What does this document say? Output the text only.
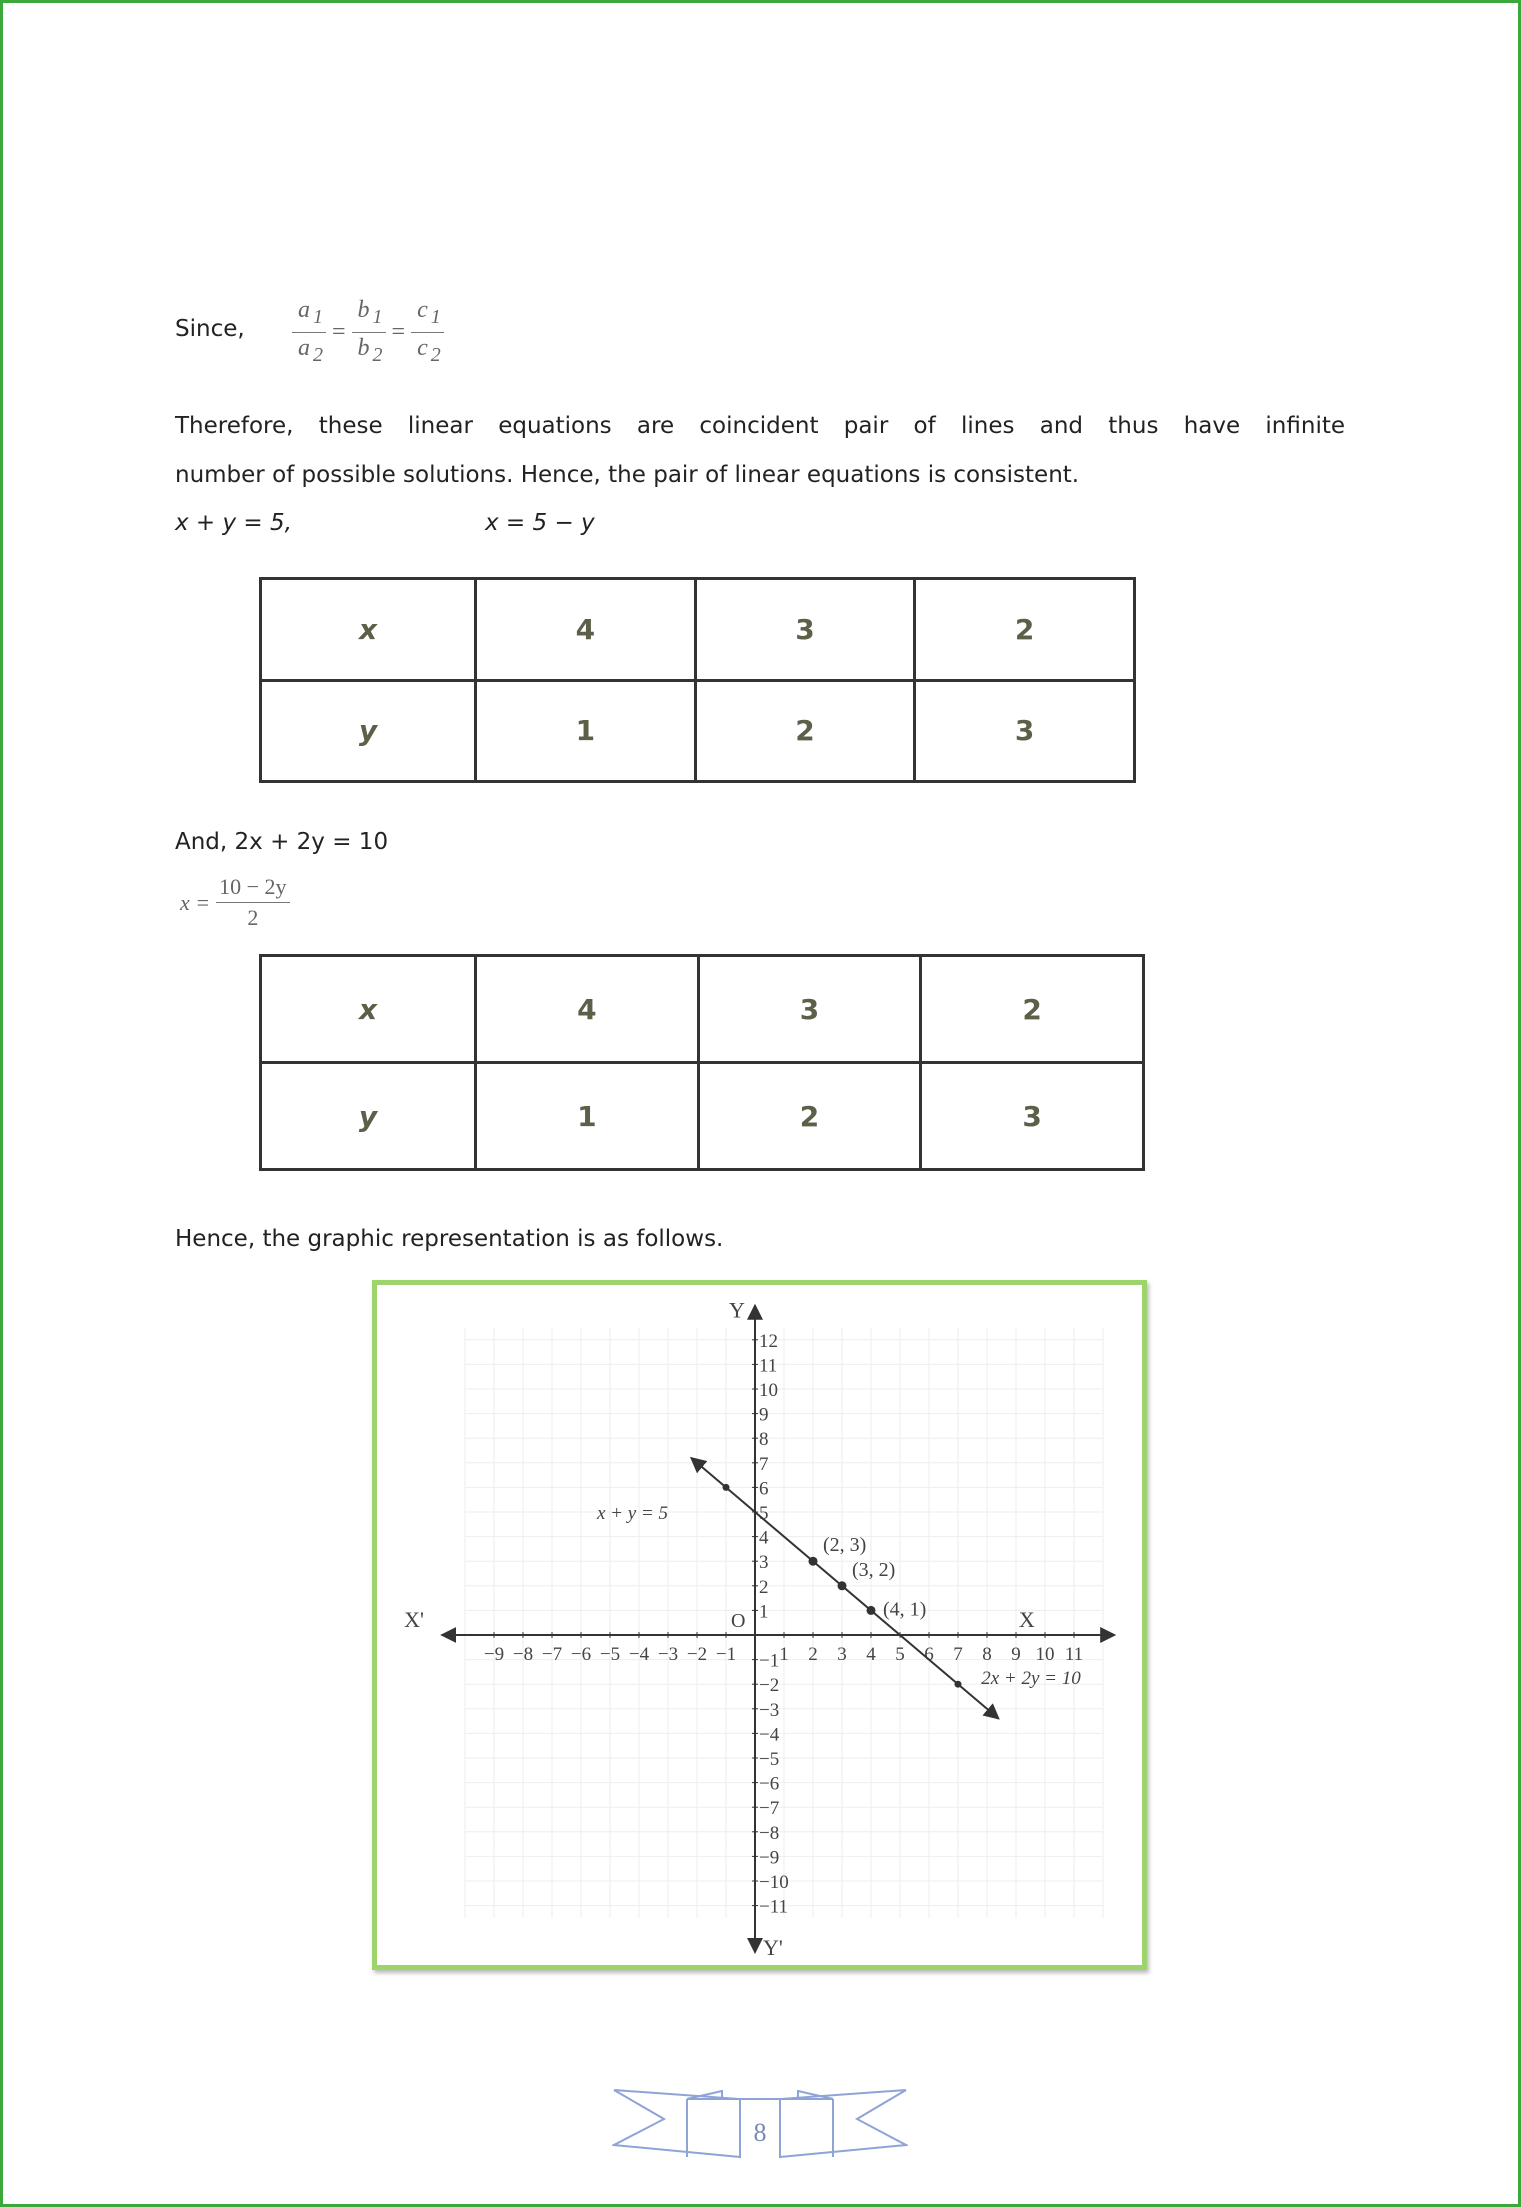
Since, $\frac{a _1}{a _2} = \frac{b _1}{b _2} = \frac{c _1}{c _2}$
Therefore, these linear equations are coincident pair of lines and thus have infinite
number of possible solutions. Hence, the pair of linear equations is consistent.
x + y = 5,	x = 5 − y
x	4	3	2
y	1	2	3
And, 2x + 2y = 10
$x = \frac{10 - 2y}{2}$
x	4	3	2
y	1	2	3
Hence, the graphic representation is as follows.
−9 −8 −7 −6 −5 −4 −3 −2 −1 1 2 3 4 5 6 7 8 9 10 11
12
11
10
9
8
7
6
5
4
3
2
1
−1
−2
−3
−4
−5
−6
−7
−8
−9
−10
−11
X
X'
Y
Y'
O
(2, 3)
(3, 2)
(4, 1)
x + y = 5
2x + 2y = 10
8
